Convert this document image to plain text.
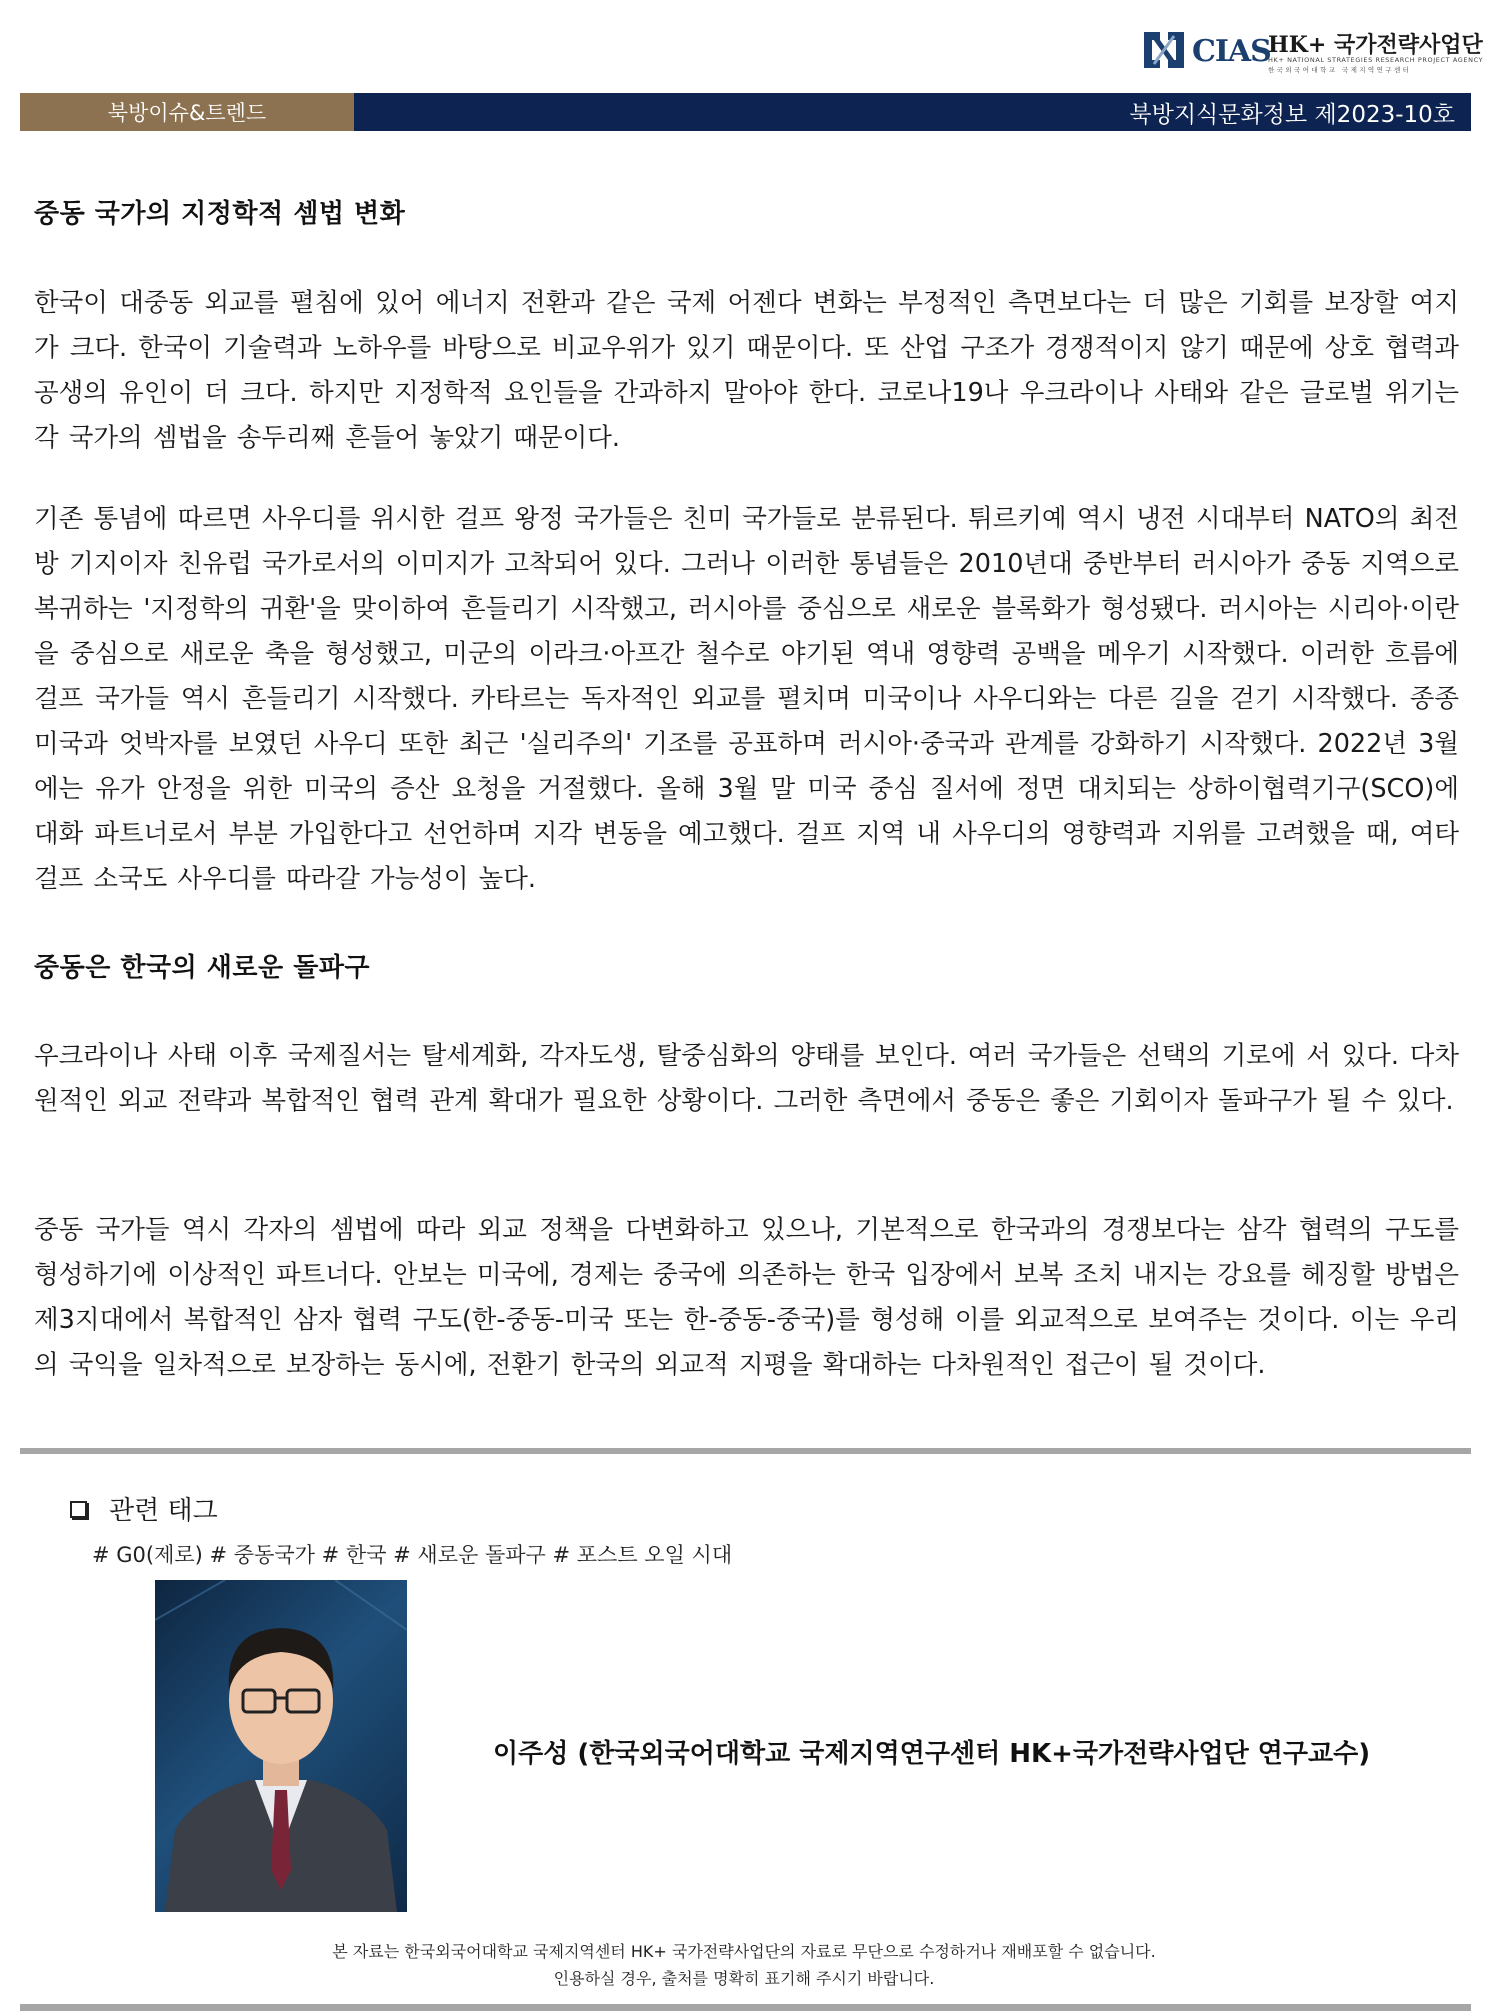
CIAS
HK+ 국가전략사업단
HK+ NATIONAL STRATEGIES RESEARCH PROJECT AGENCY
한국외국어대학교 국제지역연구센터
북방이슈&트렌드	북방지식문화정보 제2023-10호
중동 국가의 지정학적 셈법 변화

한국이 대중동 외교를 펼침에 있어 에너지 전환과 같은 국제 어젠다 변화는 부정적인 측면보다는 더 많은 기회를 보장할 여지가 크다. 한국이 기술력과 노하우를 바탕으로 비교우위가 있기 때문이다. 또 산업 구조가 경쟁적이지 않기 때문에 상호 협력과 공생의 유인이 더 크다. 하지만 지정학적 요인들을 간과하지 말아야 한다. 코로나19나 우크라이나 사태와 같은 글로벌 위기는 각 국가의 셈법을 송두리째 흔들어 놓았기 때문이다.

기존 통념에 따르면 사우디를 위시한 걸프 왕정 국가들은 친미 국가들로 분류된다. 튀르키예 역시 냉전 시대부터 NATO의 최전방 기지이자 친유럽 국가로서의 이미지가 고착되어 있다. 그러나 이러한 통념들은 2010년대 중반부터 러시아가 중동 지역으로 복귀하는 '지정학의 귀환'을 맞이하여 흔들리기 시작했고, 러시아를 중심으로 새로운 블록화가 형성됐다. 러시아는 시리아·이란을 중심으로 새로운 축을 형성했고, 미군의 이라크·아프간 철수로 야기된 역내 영향력 공백을 메우기 시작했다. 이러한 흐름에 걸프 국가들 역시 흔들리기 시작했다. 카타르는 독자적인 외교를 펼치며 미국이나 사우디와는 다른 길을 걷기 시작했다. 종종 미국과 엇박자를 보였던 사우디 또한 최근 '실리주의' 기조를 공표하며 러시아·중국과 관계를 강화하기 시작했다. 2022년 3월에는 유가 안정을 위한 미국의 증산 요청을 거절했다. 올해 3월 말 미국 중심 질서에 정면 대치되는 상하이협력기구(SCO)에 대화 파트너로서 부분 가입한다고 선언하며 지각 변동을 예고했다. 걸프 지역 내 사우디의 영향력과 지위를 고려했을 때, 여타 걸프 소국도 사우디를 따라갈 가능성이 높다.

중동은 한국의 새로운 돌파구

우크라이나 사태 이후 국제질서는 탈세계화, 각자도생, 탈중심화의 양태를 보인다. 여러 국가들은 선택의 기로에 서 있다. 다차원적인 외교 전략과 복합적인 협력 관계 확대가 필요한 상황이다. 그러한 측면에서 중동은 좋은 기회이자 돌파구가 될 수 있다.

중동 국가들 역시 각자의 셈법에 따라 외교 정책을 다변화하고 있으나, 기본적으로 한국과의 경쟁보다는 삼각 협력의 구도를 형성하기에 이상적인 파트너다. 안보는 미국에, 경제는 중국에 의존하는 한국 입장에서 보복 조치 내지는 강요를 헤징할 방법은 제3지대에서 복합적인 삼자 협력 구도(한-중동-미국 또는 한-중동-중국)를 형성해 이를 외교적으로 보여주는 것이다. 이는 우리의 국익을 일차적으로 보장하는 동시에, 전환기 한국의 외교적 지평을 확대하는 다차원적인 접근이 될 것이다.

관련 태그
# G0(제로) # 중동국가 # 한국 # 새로운 돌파구 # 포스트 오일 시대
이주성 (한국외국어대학교 국제지역연구센터 HK+국가전략사업단 연구교수)
본 자료는 한국외국어대학교 국제지역센터 HK+ 국가전략사업단의 자료로 무단으로 수정하거나 재배포할 수 없습니다.
인용하실 경우, 출처를 명확히 표기해 주시기 바랍니다.
